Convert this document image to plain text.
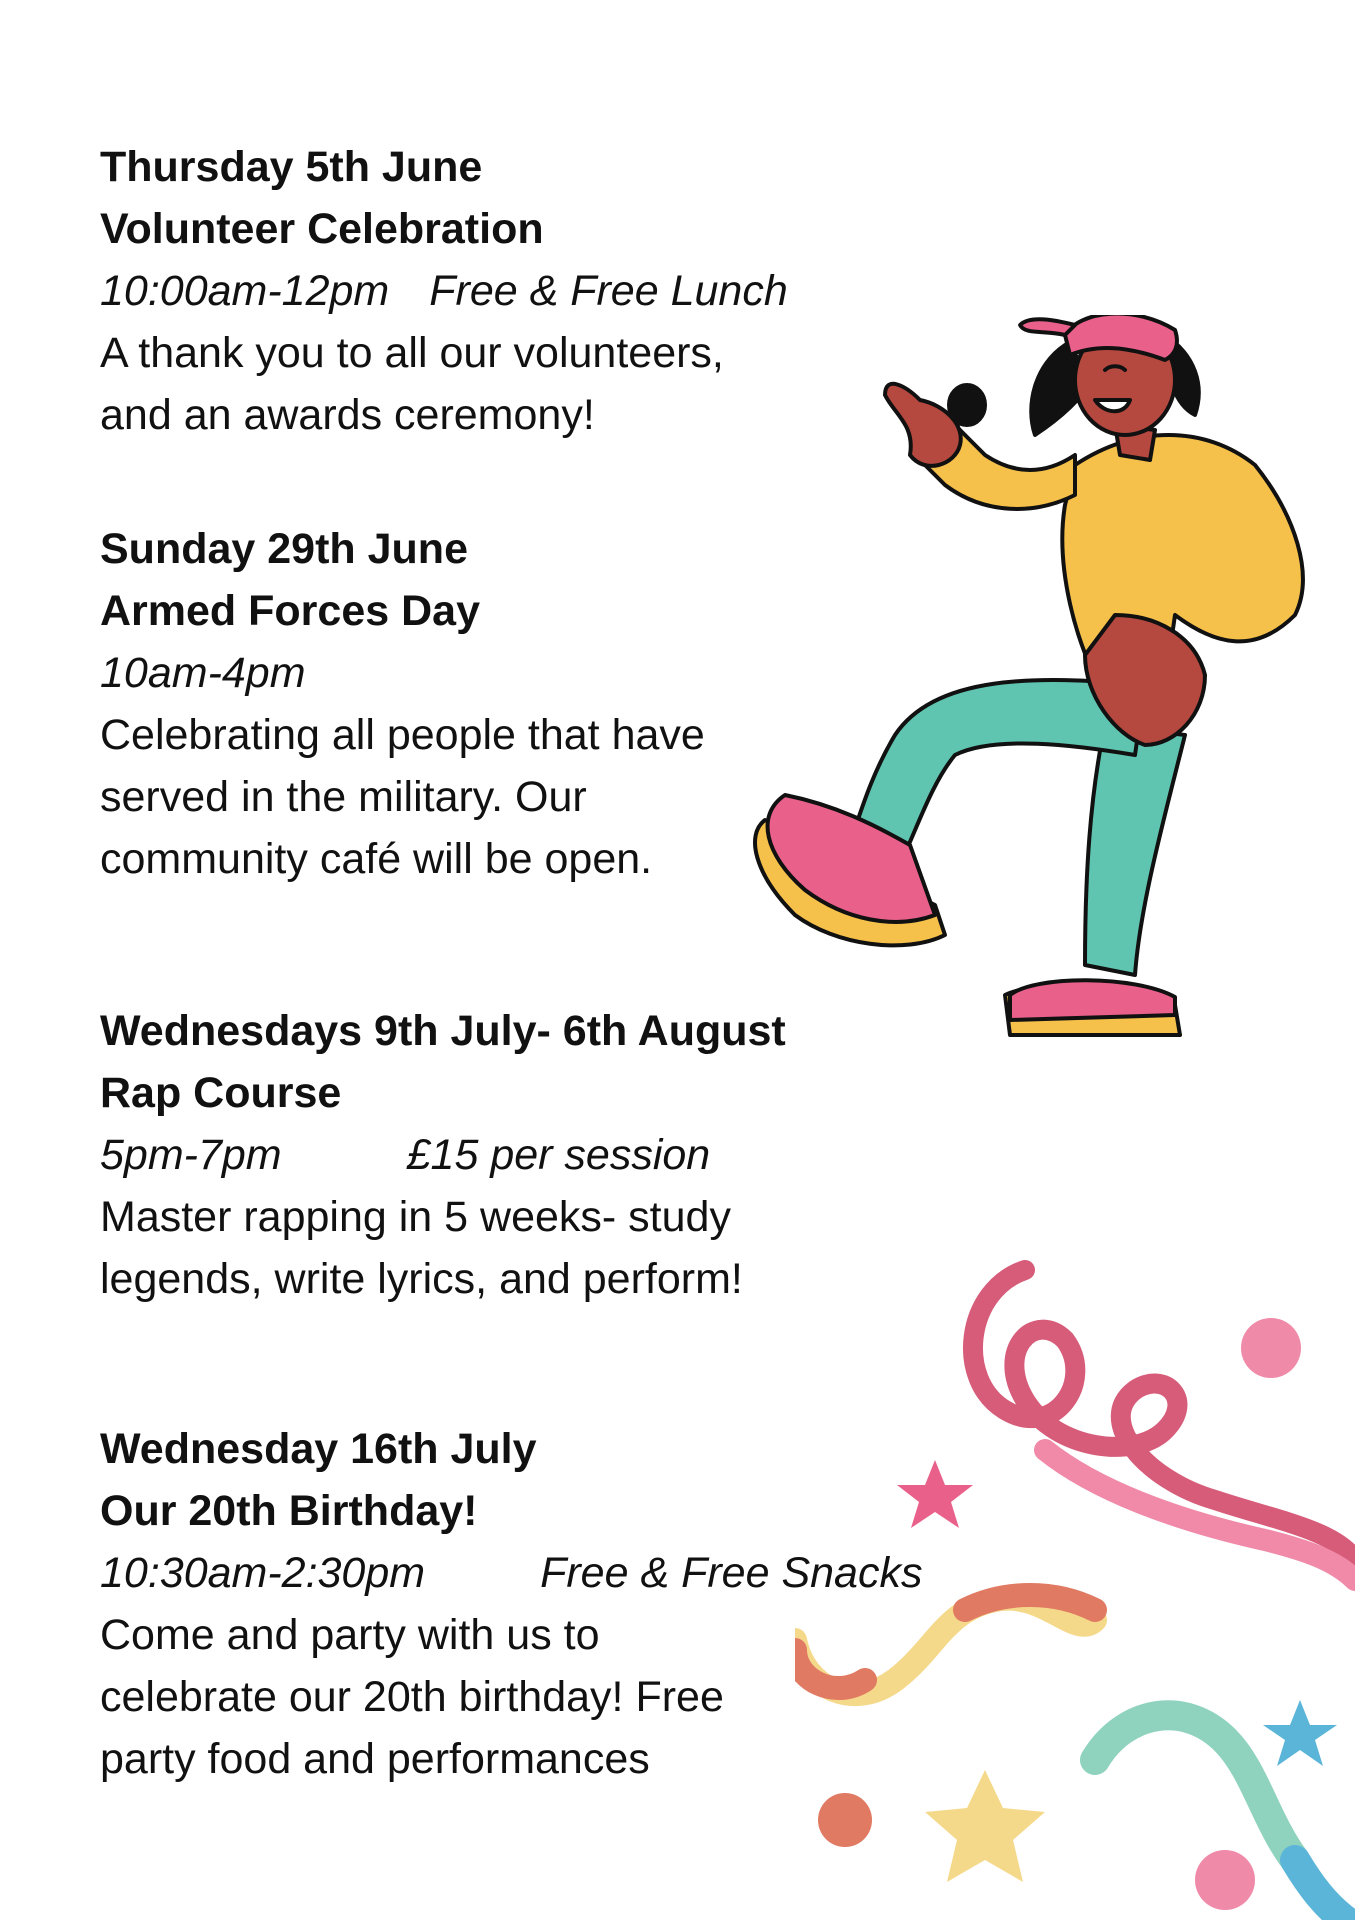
Thursday 5th June
Volunteer Celebration
10:00am-12pm Free & Free Lunch
A thank you to all our volunteers,
and an awards ceremony!
Sunday 29th June
Armed Forces Day
10am-4pm
Celebrating all people that have
served in the military. Our
community café will be open.
Wednesdays 9th July- 6th August
Rap Course
5pm-7pm	£15 per session
Master rapping in 5 weeks- study
legends, write lyrics, and perform!
Wednesday 16th July
Our 20th Birthday!
10:30am-2:30pm	Free & Free Snacks
Come and party with us to
celebrate our 20th birthday! Free
party food and performances
